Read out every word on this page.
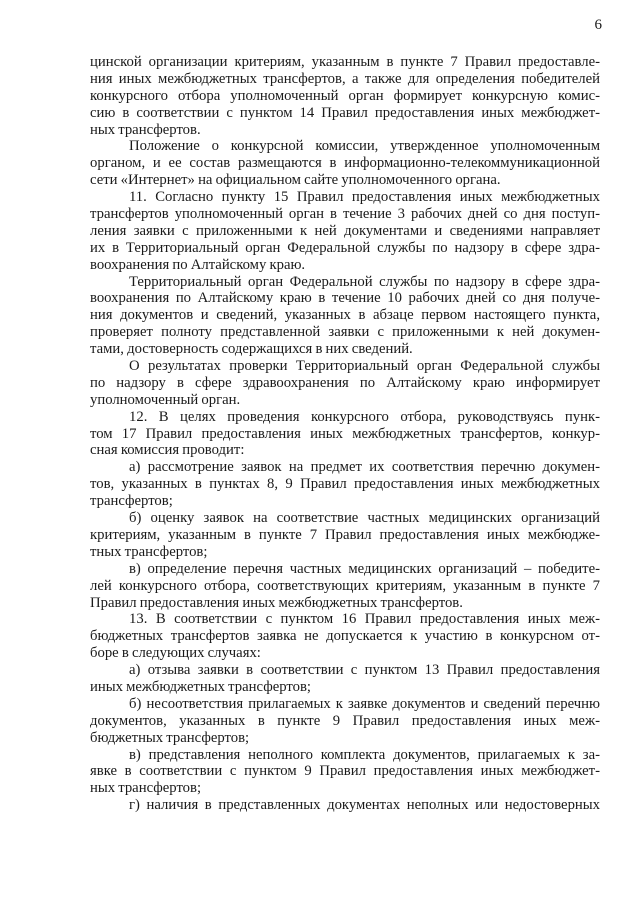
6
цинской организации критериям, указанным в пункте 7 Правил предоставле-
ния иных межбюджетных трансфертов, а также для определения победителей
конкурсного отбора уполномоченный орган формирует конкурсную комис-
сию в соответствии с пунктом 14 Правил предоставления иных межбюджет-
ных трансфертов.
Положение о конкурсной комиссии, утвержденное уполномоченным
органом, и ее состав размещаются в информационно-телекоммуникационной
сети «Интернет» на официальном сайте уполномоченного органа.
11. Согласно пункту 15 Правил предоставления иных межбюджетных
трансфертов уполномоченный орган в течение 3 рабочих дней со дня поступ-
ления заявки с приложенными к ней документами и сведениями направляет
их в Территориальный орган Федеральной службы по надзору в сфере здра-
воохранения по Алтайскому краю.
Территориальный орган Федеральной службы по надзору в сфере здра-
воохранения по Алтайскому краю в течение 10 рабочих дней со дня получе-
ния документов и сведений, указанных в абзаце первом настоящего пункта,
проверяет полноту представленной заявки с приложенными к ней докумен-
тами, достоверность содержащихся в них сведений.
О результатах проверки Территориальный орган Федеральной службы
по надзору в сфере здравоохранения по Алтайскому краю информирует
уполномоченный орган.
12. В целях проведения конкурсного отбора, руководствуясь пунк-
том 17 Правил предоставления иных межбюджетных трансфертов, конкур-
сная комиссия проводит:
а) рассмотрение заявок на предмет их соответствия перечню докумен-
тов, указанных в пунктах 8, 9 Правил предоставления иных межбюджетных
трансфертов;
б) оценку заявок на соответствие частных медицинских организаций
критериям, указанным в пункте 7 Правил предоставления иных межбюдже-
тных трансфертов;
в) определение перечня частных медицинских организаций – победите-
лей конкурсного отбора, соответствующих критериям, указанным в пункте 7
Правил предоставления иных межбюджетных трансфертов.
13. В соответствии с пунктом 16 Правил предоставления иных меж-
бюджетных трансфертов заявка не допускается к участию в конкурсном от-
боре в следующих случаях:
а) отзыва заявки в соответствии с пунктом 13 Правил предоставления
иных межбюджетных трансфертов;
б) несоответствия прилагаемых к заявке документов и сведений перечню
документов, указанных в пункте 9 Правил предоставления иных меж-
бюджетных трансфертов;
в) представления неполного комплекта документов, прилагаемых к за-
явке в соответствии с пунктом 9 Правил предоставления иных межбюджет-
ных трансфертов;
г) наличия в представленных документах неполных или недостоверных
